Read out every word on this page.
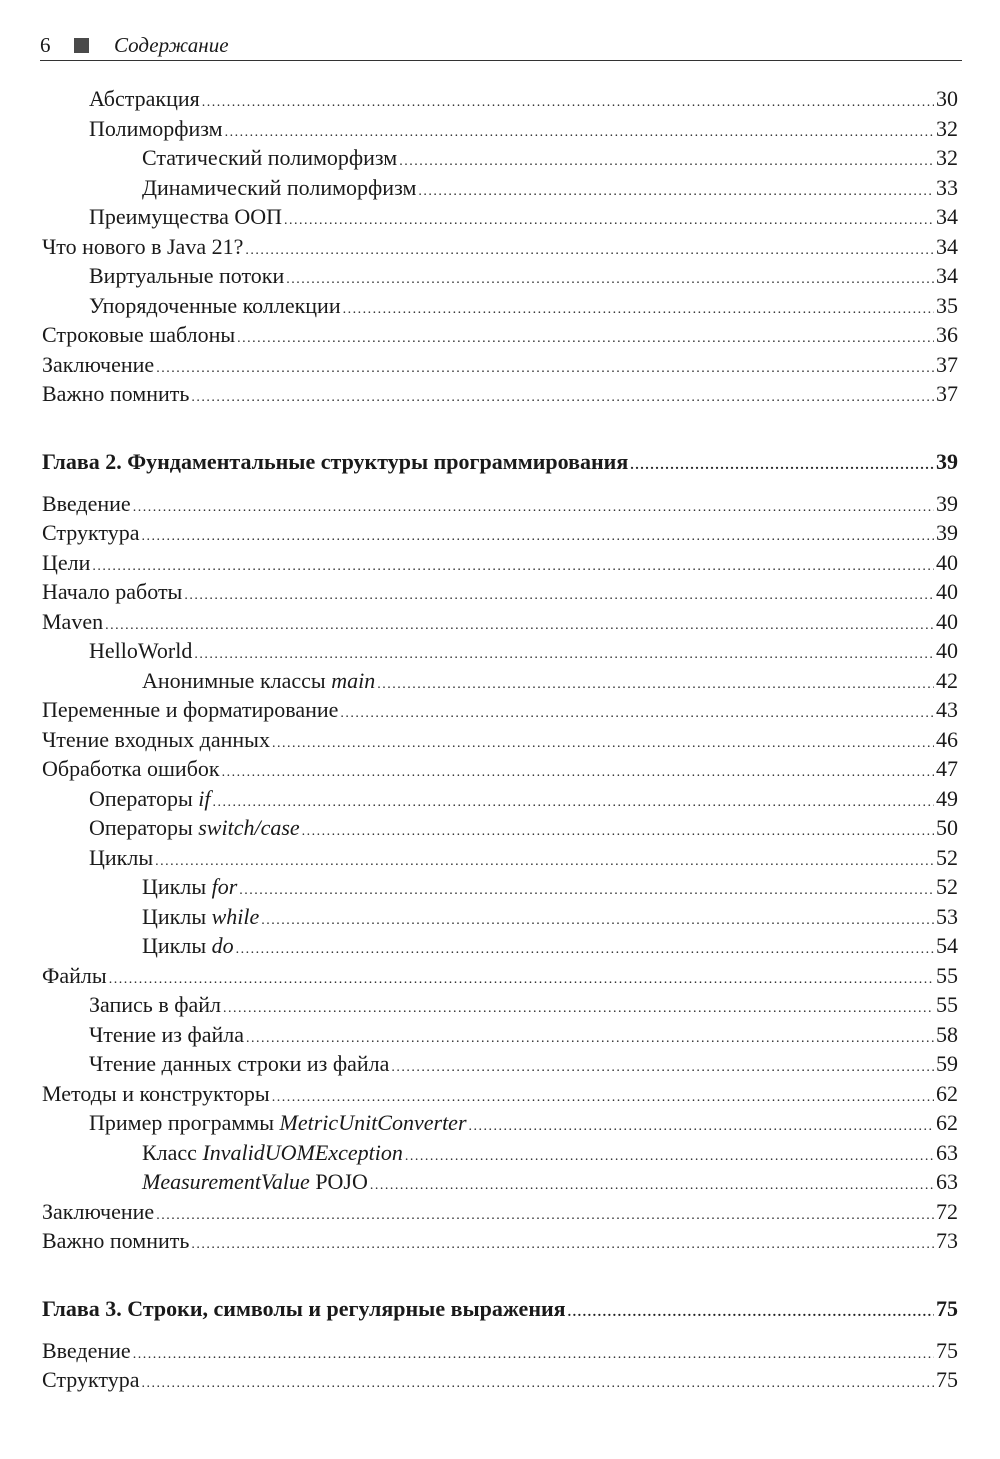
6	Содержание
Абстракция . . .	30
Полиморфизм . . .	32
Статический полиморфизм . . .	32
Динамический полиморфизм . . .	33
Преимущества ООП . . .	34
Что нового в Java 21? . . .	34
Виртуальные потоки . . .	34
Упорядоченные коллекции . . .	35
Строковые шаблоны . . .	36
Заключение . . .	37
Важно помнить . . .	37
Глава 2. Фундаментальные структуры программирования . . .	39
Введение . . .	39
Структура . . .	39
Цели . . .	40
Начало работы . . .	40
Maven . . .	40
HelloWorld . . .	40
Анонимные классы main . . .	42
Переменные и форматирование . . .	43
Чтение входных данных . . .	46
Обработка ошибок . . .	47
Операторы if . . .	49
Операторы switch/case . . .	50
Циклы . . .	52
Циклы for . . .	52
Циклы while . . .	53
Циклы do . . .	54
Файлы . . .	55
Запись в файл . . .	55
Чтение из файла . . .	58
Чтение данных строки из файла . . .	59
Методы и конструкторы . . .	62
Пример программы MetricUnitConverter . . .	62
Класс InvalidUOMException . . .	63
MeasurementValue POJO . . .	63
Заключение . . .	72
Важно помнить . . .	73
Глава 3. Строки, символы и регулярные выражения . . .	75
Введение . . .	75
Структура . . .	75
